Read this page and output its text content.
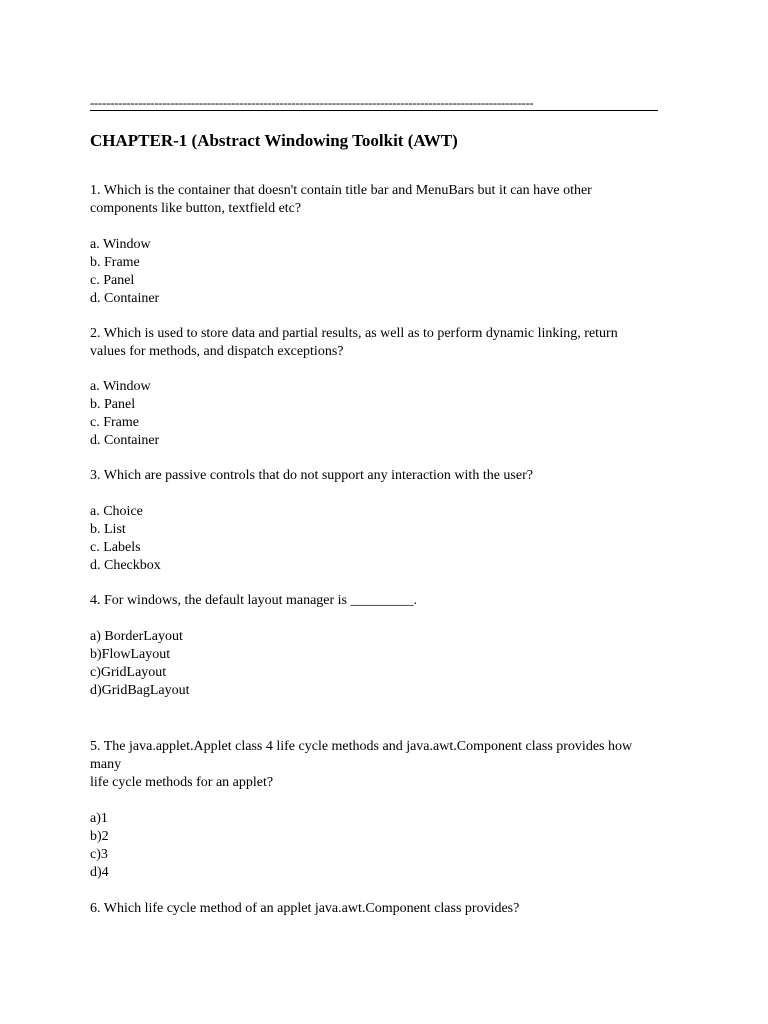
--------------------------------------------------------------------------------------------------------------
CHAPTER-1 (Abstract Windowing Toolkit (AWT)

1. Which is the container that doesn't contain title bar and MenuBars but it can have other
components like button, textfield etc?

a. Window
b. Frame
c. Panel
d. Container

2. Which is used to store data and partial results, as well as to perform dynamic linking, return
values for methods, and dispatch exceptions?

a. Window
b. Panel
c. Frame
d. Container

3. Which are passive controls that do not support any interaction with the user?

a. Choice
b. List
c. Labels
d. Checkbox

4. For windows, the default layout manager is _________.

a) BorderLayout
b)FlowLayout
c)GridLayout
d)GridBagLayout

5. The java.applet.Applet class 4 life cycle methods and java.awt.Component class provides how
many
life cycle methods for an applet?

a)1
b)2
c)3
d)4

6. Which life cycle method of an applet java.awt.Component class provides?
